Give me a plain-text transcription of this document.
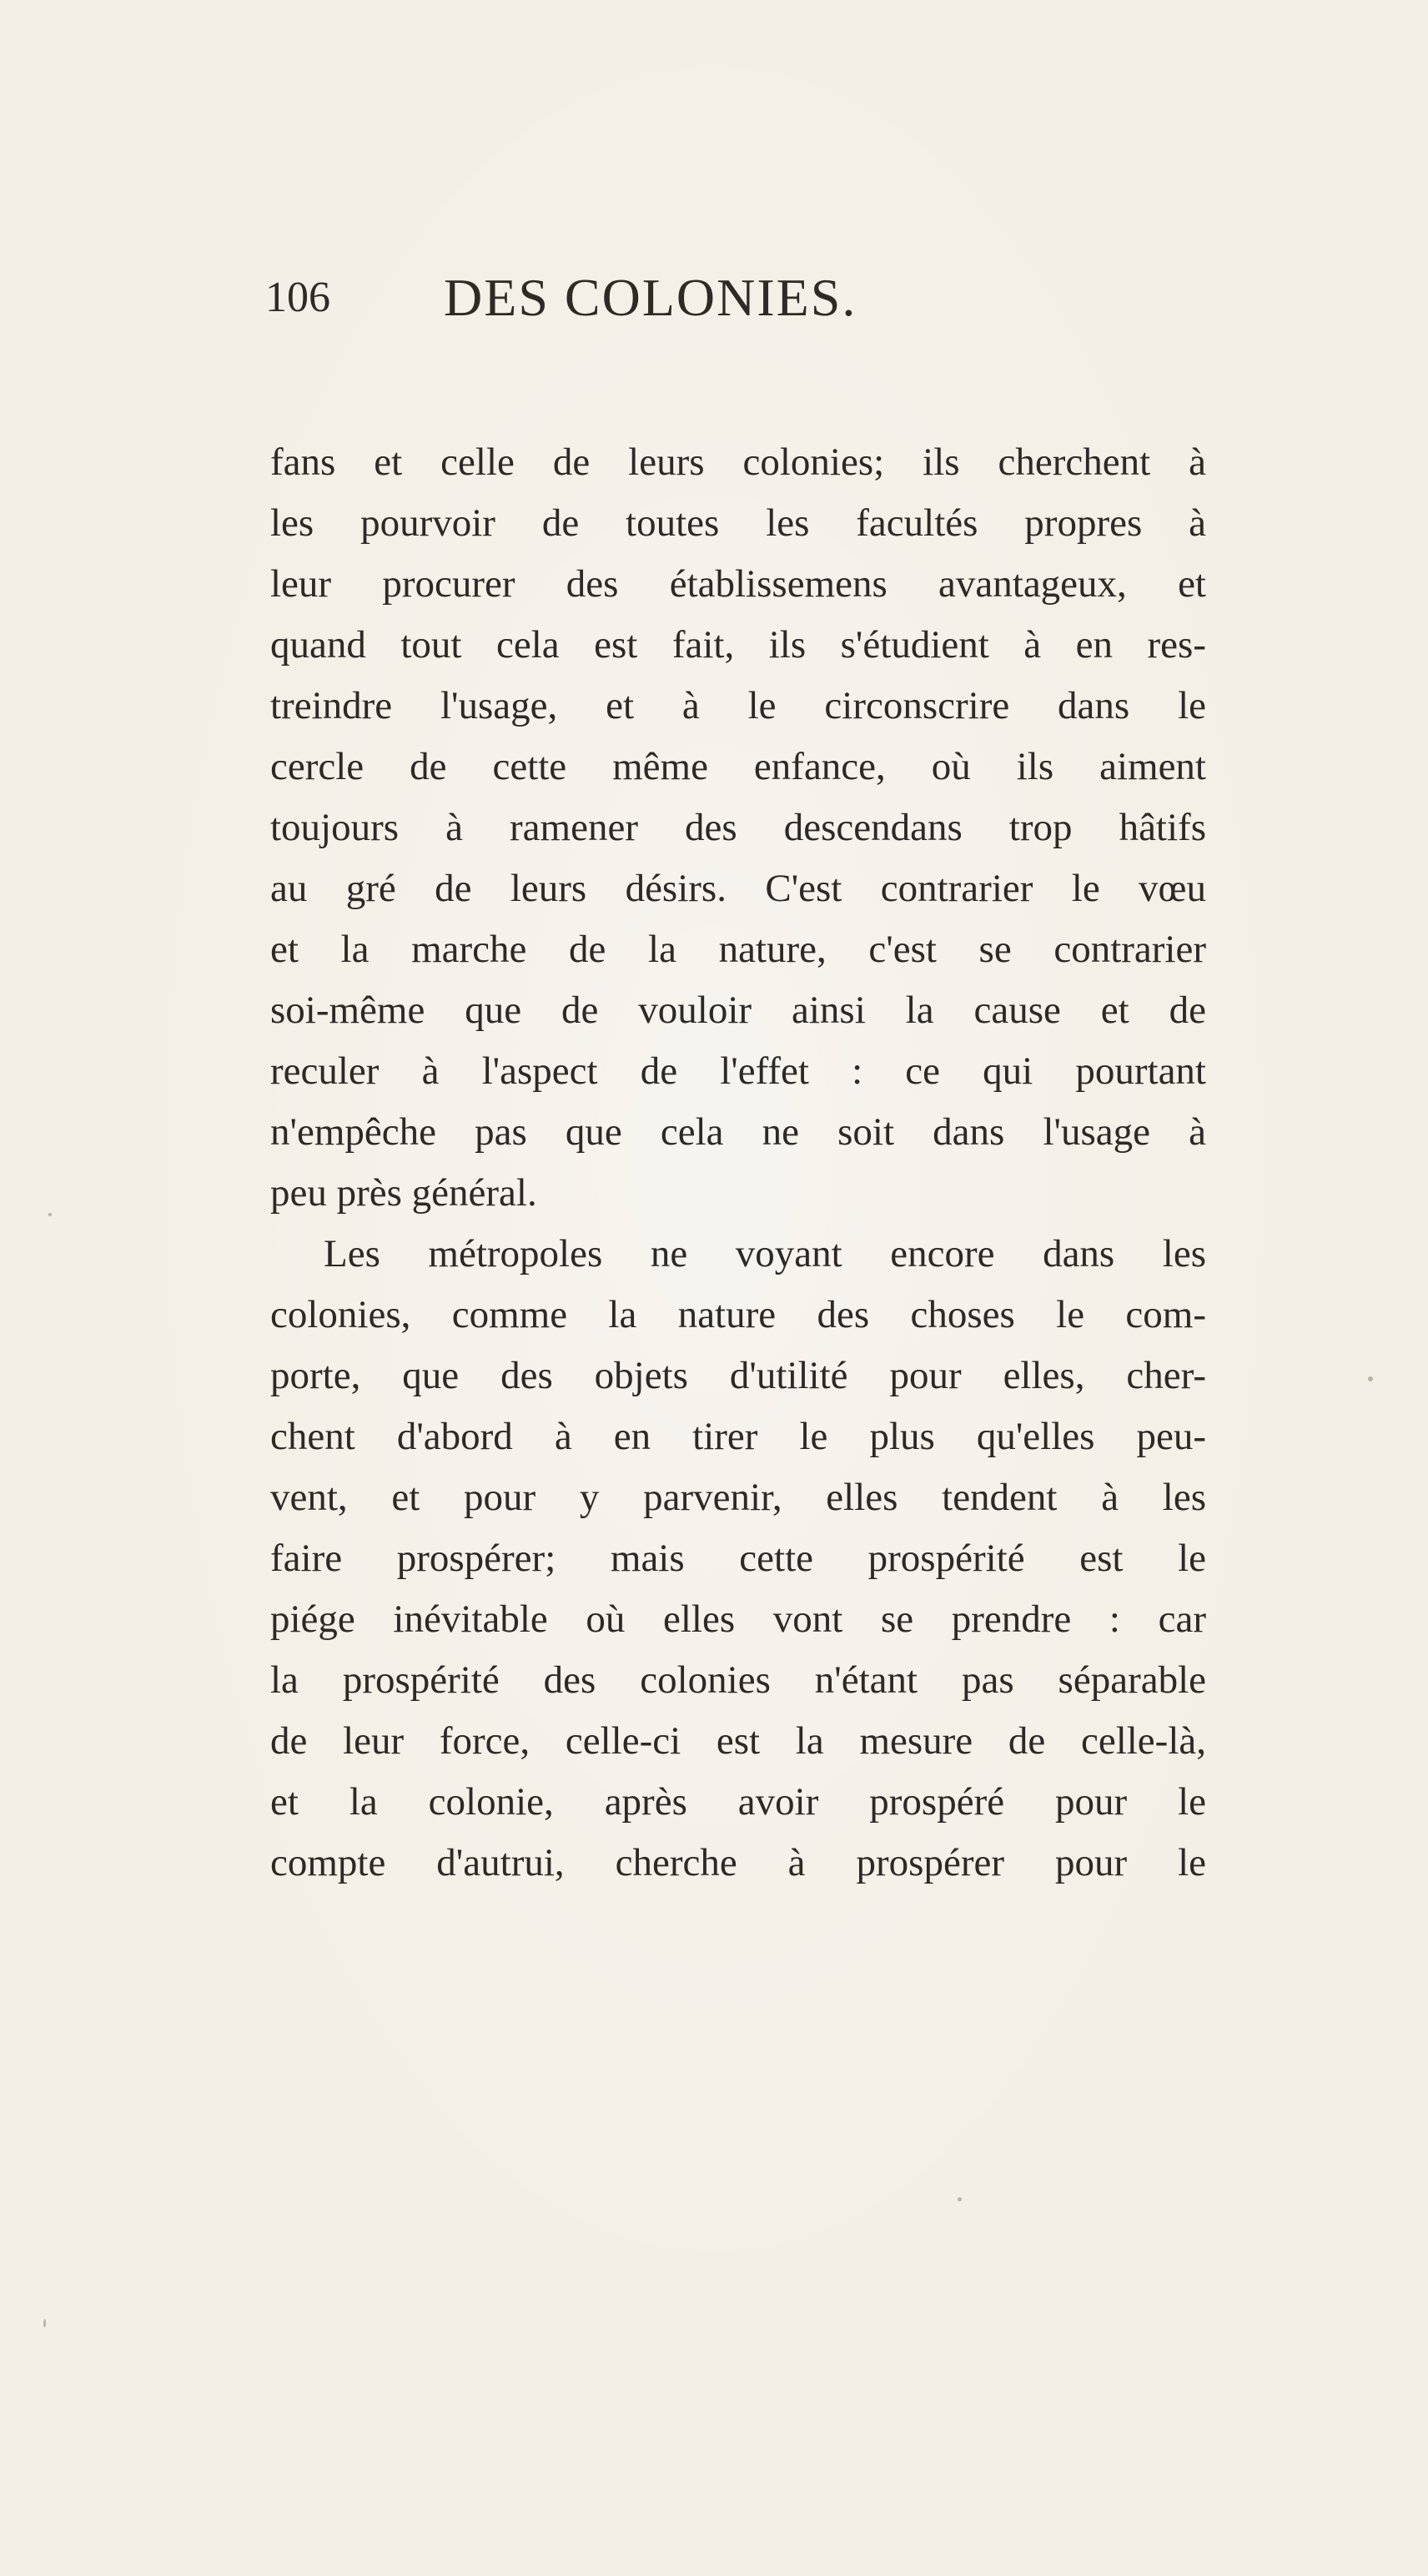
106 DES COLONIES.
fans et celle de leurs colonies; ils cherchent à
les pourvoir de toutes les facultés propres à
leur procurer des établissemens avantageux, et
quand tout cela est fait, ils s'étudient à en res-
treindre l'usage, et à le circonscrire dans le
cercle de cette même enfance, où ils aiment
toujours à ramener des descendans trop hâtifs
au gré de leurs désirs. C'est contrarier le vœu
et la marche de la nature, c'est se contrarier
soi-même que de vouloir ainsi la cause et de
reculer à l'aspect de l'effet : ce qui pourtant
n'empêche pas que cela ne soit dans l'usage à
peu près général.
Les métropoles ne voyant encore dans les
colonies, comme la nature des choses le com-
porte, que des objets d'utilité pour elles, cher-
chent d'abord à en tirer le plus qu'elles peu-
vent, et pour y parvenir, elles tendent à les
faire prospérer; mais cette prospérité est le
piége inévitable où elles vont se prendre : car
la prospérité des colonies n'étant pas séparable
de leur force, celle-ci est la mesure de celle-là,
et la colonie, après avoir prospéré pour le
compte d'autrui, cherche à prospérer pour le
